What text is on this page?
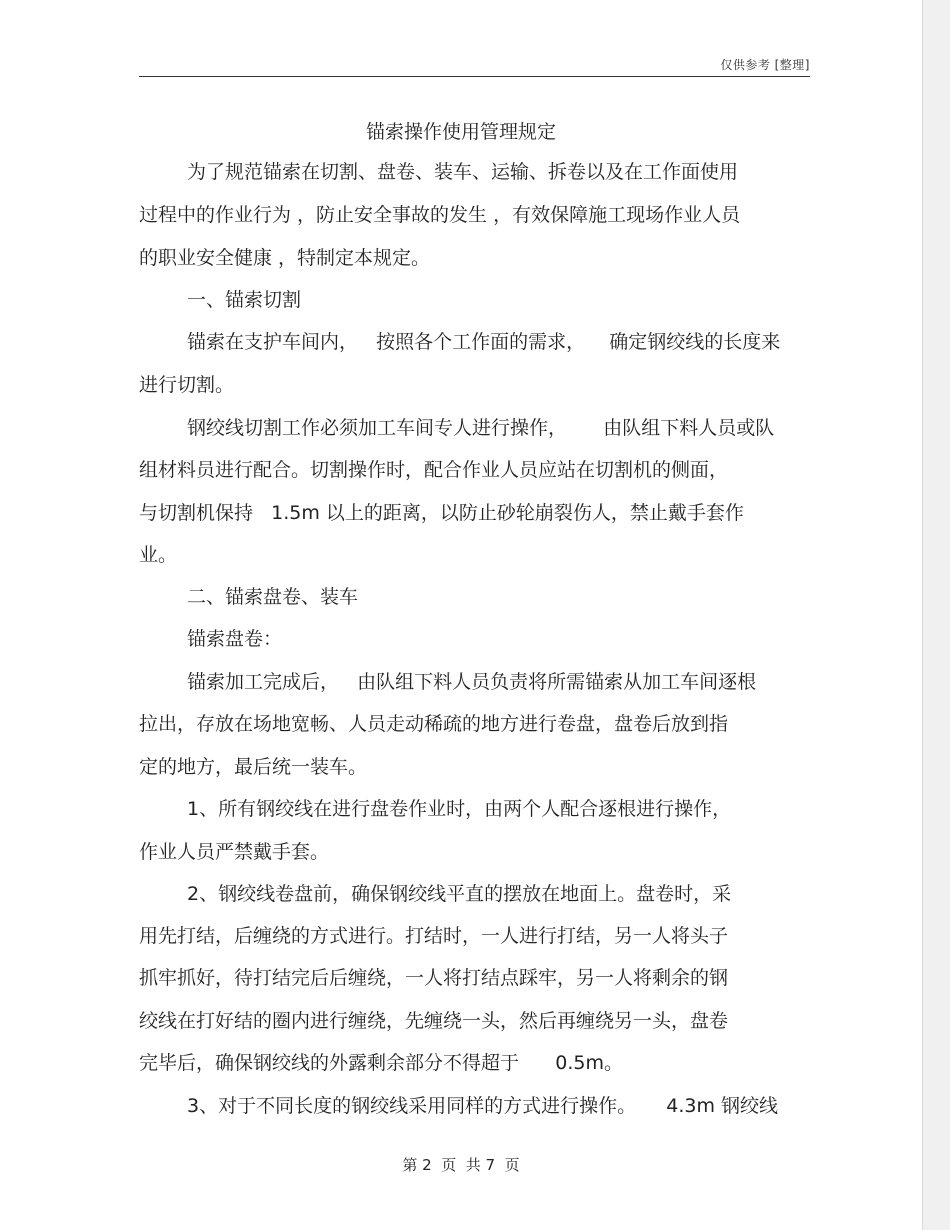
仅供参考 [整理]
锚索操作使用管理规定
为了规范锚索在切割、盘卷、装车、运输、拆卷以及在工作面使用
过程中的作业行为 ，防止安全事故的发生 ，有效保障施工现场作业人员
的职业安全健康 ，特制定本规定。
一、锚索切割
锚索在支护车间内，   按照各个工作面的需求，    确定钢绞线的长度来
进行切割。
钢绞线切割工作必须加工车间专人进行操作，      由队组下料人员或队
组材料员进行配合。切割操作时，配合作业人员应站在切割机的侧面，
与切割机保持   1.5m 以上的距离，以防止砂轮崩裂伤人，禁止戴手套作
业。
二、锚索盘卷、装车
锚索盘卷：
锚索加工完成后，   由队组下料人员负责将所需锚索从加工车间逐根
拉出，存放在场地宽畅、人员走动稀疏的地方进行卷盘，盘卷后放到指
定的地方，最后统一装车。
1、所有钢绞线在进行盘卷作业时，由两个人配合逐根进行操作，
作业人员严禁戴手套。
2、钢绞线卷盘前，确保钢绞线平直的摆放在地面上。盘卷时，采
用先打结，后缠绕的方式进行。打结时，一人进行打结，另一人将头子
抓牢抓好，待打结完后后缠绕，一人将打结点踩牢，另一人将剩余的钢
绞线在打好结的圈内进行缠绕，先缠绕一头，然后再缠绕另一头，盘卷
完毕后，确保钢绞线的外露剩余部分不得超于      0.5m。
3、对于不同长度的钢绞线采用同样的方式进行操作。     4.3m 钢绞线
第 2  页  共 7  页
